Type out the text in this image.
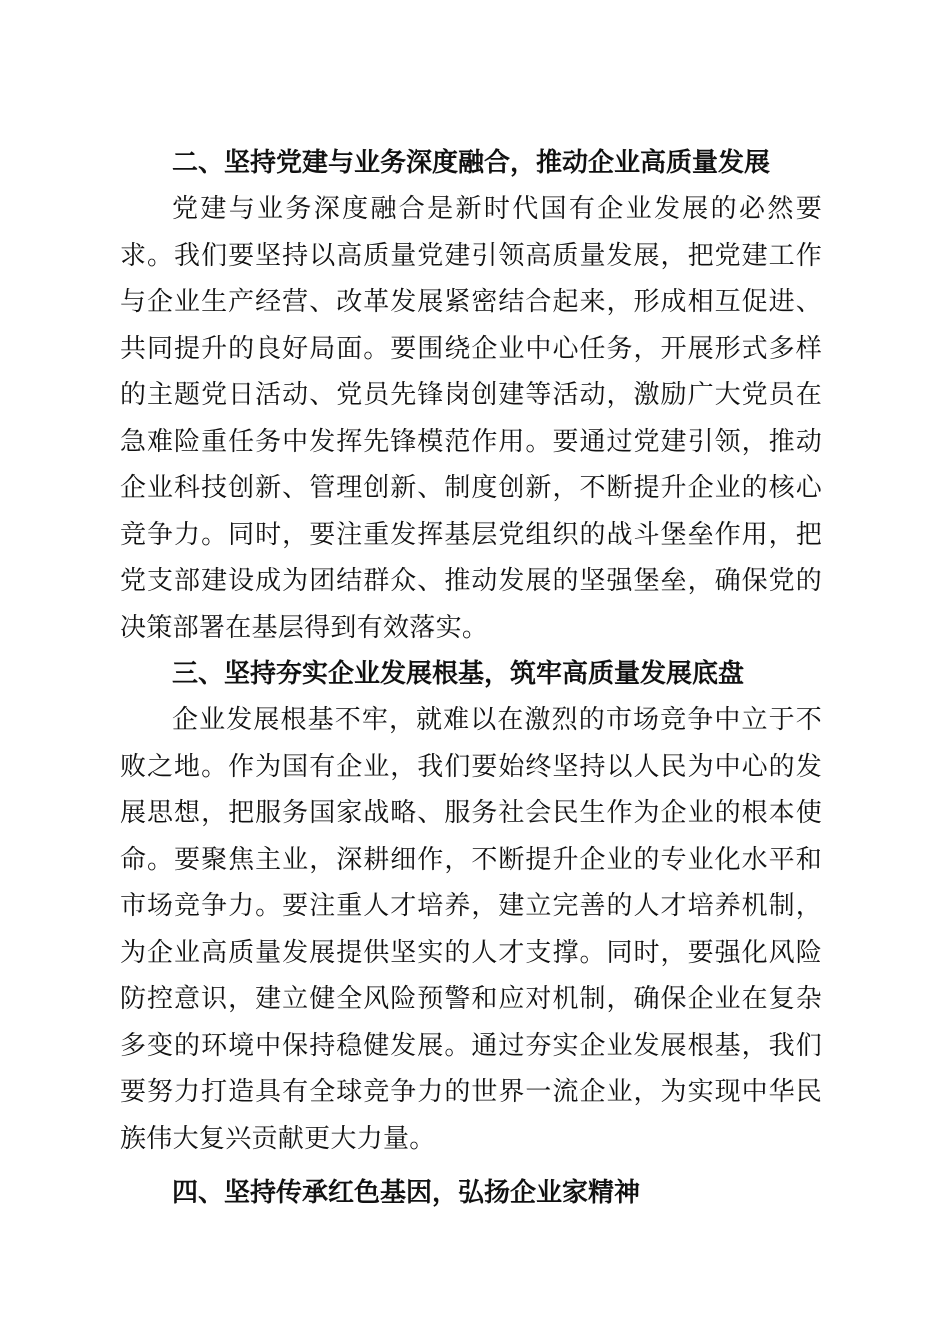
二、坚持党建与业务深度融合，推动企业高质量发展

党建与业务深度融合是新时代国有企业发展的必然要求。我们要坚持以高质量党建引领高质量发展，把党建工作与企业生产经营、改革发展紧密结合起来，形成相互促进、共同提升的良好局面。要围绕企业中心任务，开展形式多样的主题党日活动、党员先锋岗创建等活动，激励广大党员在急难险重任务中发挥先锋模范作用。要通过党建引领，推动企业科技创新、管理创新、制度创新，不断提升企业的核心竞争力。同时，要注重发挥基层党组织的战斗堡垒作用，把党支部建设成为团结群众、推动发展的坚强堡垒，确保党的决策部署在基层得到有效落实。

三、坚持夯实企业发展根基，筑牢高质量发展底盘

企业发展根基不牢，就难以在激烈的市场竞争中立于不败之地。作为国有企业，我们要始终坚持以人民为中心的发展思想，把服务国家战略、服务社会民生作为企业的根本使命。要聚焦主业，深耕细作，不断提升企业的专业化水平和市场竞争力。要注重人才培养，建立完善的人才培养机制，为企业高质量发展提供坚实的人才支撑。同时，要强化风险防控意识，建立健全风险预警和应对机制，确保企业在复杂多变的环境中保持稳健发展。通过夯实企业发展根基，我们要努力打造具有全球竞争力的世界一流企业，为实现中华民族伟大复兴贡献更大力量。

四、坚持传承红色基因，弘扬企业家精神
